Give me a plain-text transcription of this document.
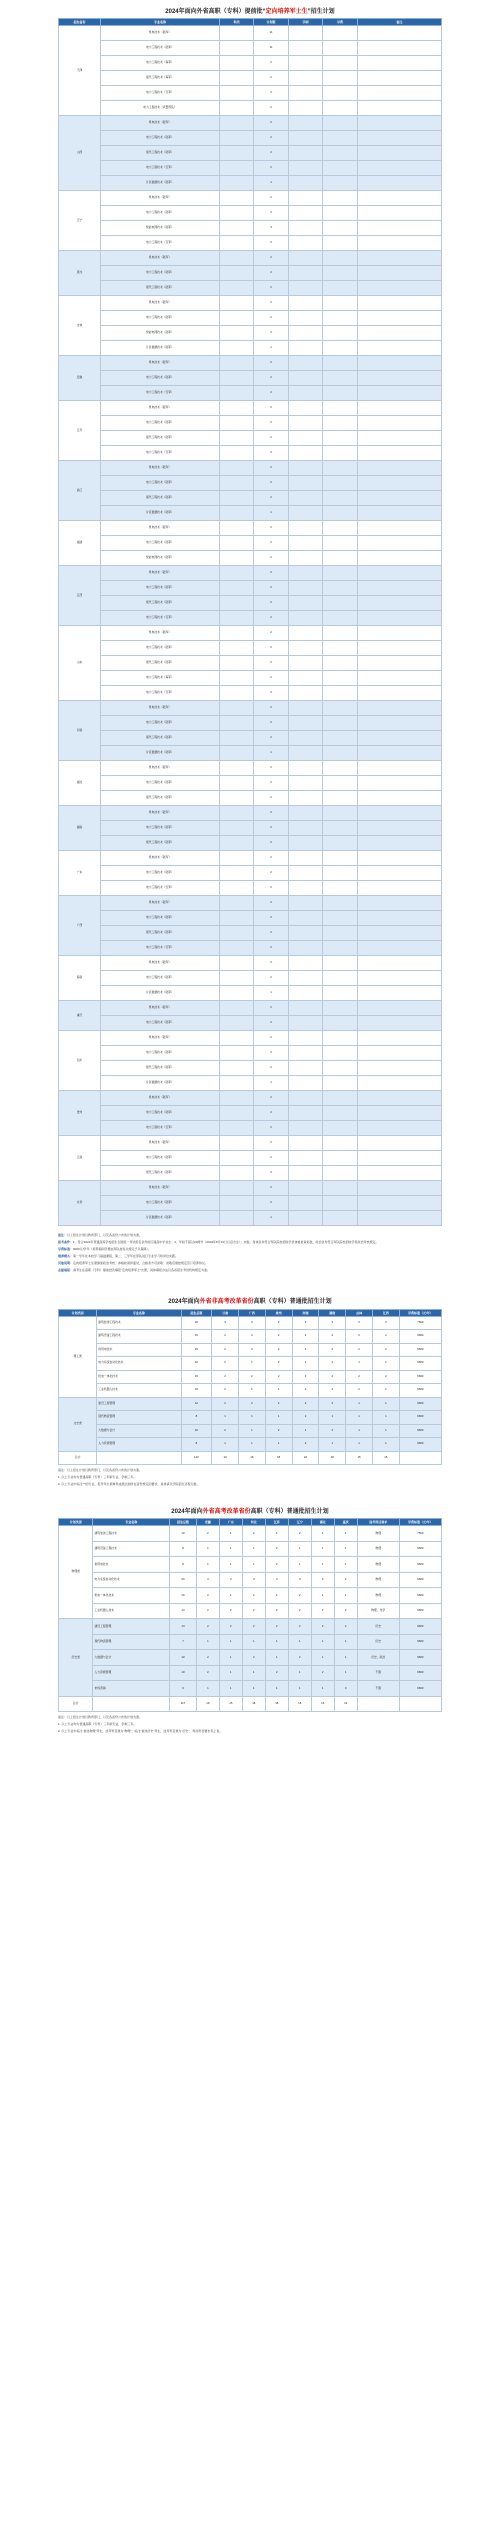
2024年面向外省高职（专科）提前批“定向培养军士生”招生计划
招生省份	专业名称	科类	计划数	学制	学费	备注	
天津	机电技术（陆军）		11				
	电力工程技术（陆军）		11				
	电力工程技术（海军）		2				
	现代工程技术（海军）		2				
	电力工程技术（空军）		2				
	电力工程技术（武警部队）		2				
山西	机电技术（陆军）		2				
	电力工程技术（陆军）		2				
	现代工程技术（陆军）		2				
	电力工程技术（空军）		2				
	片区数据技术（陆军）		1				
辽宁	机电技术（陆军）		2				
	电力工程技术（陆军）		2				
	智能电网技术（陆军）		3				
	电力工程技术（空军）		2				
黑龙	机电技术（陆军）		2				
	电力工程技术（陆军）		2				
	现代工程技术（陆军）		2				
吉林	机电技术（陆军）		2				
	电力工程技术（陆军）		2				
	智能电网技术（陆军）		2				
	片区数据技术（陆军）		1				
安徽	机电技术（陆军）		2				
	电力工程技术（陆军）		2				
	电力工程技术（空军）		2				
江苏	机电技术（陆军）		2				
	电力工程技术（陆军）		2				
	现代工程技术（陆军）		2				
	电力工程技术（空军）		2				
浙江	机电技术（陆军）		2				
	电力工程技术（陆军）		2				
	现代工程技术（陆军）		2				
	片区数据技术（陆军）		1				
福建	机电技术（陆军）		2				
	电力工程技术（陆军）		2				
	智能电网技术（陆军）		2				
江西	机电技术（陆军）		2				
	电力工程技术（陆军）		2				
	现代工程技术（陆军）		2				
	电力工程技术（空军）		2				
山东	机电技术（陆军）		2				
	电力工程技术（陆军）		2				
	现代工程技术（陆军）		2				
	电力工程技术（海军）		2				
	电力工程技术（空军）		2				
河南	机电技术（陆军）		2				
	电力工程技术（陆军）		2				
	现代工程技术（陆军）		2				
	片区数据技术（陆军）		1				
湖北	机电技术（陆军）		2				
	电力工程技术（陆军）		2				
	现代工程技术（陆军）		2				
湖南	机电技术（陆军）		2				
	电力工程技术（陆军）		2				
	现代工程技术（陆军）		2				
广东	机电技术（陆军）		2				
	电力工程技术（陆军）		2				
	电力工程技术（空军）		2				
广西	机电技术（陆军）		2				
	电力工程技术（陆军）		2				
	现代工程技术（陆军）		2				
	电力工程技术（空军）		2				
海南	机电技术（陆军）		2				
	电力工程技术（陆军）		2				
	片区数据技术（陆军）		1				
重庆	机电技术（陆军）		2				
	电力工程技术（陆军）		2				
四川	机电技术（陆军）		2				
	电力工程技术（陆军）		2				
	现代工程技术（陆军）		2				
	片区数据技术（陆军）		1				
贵州	机电技术（陆军）		2				
	电力工程技术（陆军）		2				
	电力工程技术（空军）		2				
云南	机电技术（陆军）		2				
	电力工程技术（陆军）		2				
	现代工程技术（陆军）		2				
甘肃	机电技术（陆军）		2				
	电力工程技术（陆军）		2				
	片区数据技术（陆军）		1				

备注：以上招生计划以教育部门、以及各省份公布的计划为准。

报考条件：1、符合2024年普通高等学校招生全国统一考试报名条件的应届高中毕业生；2、年龄不超过20周岁（2004年8月31日以后出生）；未婚；身体条件符合军队院校招收学员体格检查标准，政治条件符合军队院校招收学员政治考核规定。

学费标准：6000元/学年（培养期间学费由军队按有关规定予以保障）。

培养模式：第一学年在本校学习基础课程，第二、三学年在部队进行专业学习和岗位实践。

其他说明：定向培养军士生须参加政治考核、体格检查和面试，合格者方可录取；录取后须按规定签订培养协议。

志愿填报：请考生在高职（专科）提前批次填报“定向培养军士”志愿，具体填报办法以各省招生考试机构规定为准。

2024年面向外省非高考改革省份高职（专科）普通批招生计划
计划类别	专业名称	招生总数	甘肃	广西	贵州	河南	湖南	吉林	江西	学费标准（元/年）
理工类	建筑装饰工程技术	20	3	3	3	3	3	2	3	7500
	建筑设备工程技术	15	2	2	2	3	2	2	2	6600
	供用电技术	15	2	2	2	3	2	2	2	6600
	电力系统自动化技术	10	2	1	2	1	2	1	1	6600
	机电一体化技术	15	2	2	2	3	2	2	2	6600
	工业机器人技术	10	2	1	1	2	1	2	1	6600
文史类	建设工程管理	12	2	2	2	2	2	1	1	6600
	现代物流管理	8	1	1	1	2	1	1	1	6600
	大数据与会计	10	2	1	2	1	2	1	1	6600
	人力资源管理	8	1	1	1	2	1	1	1	6600
总计		123	19	16	18	22	18	15	15	

备注：以上招生计划以教育部门、以及各省份公布的计划为准。

1. 以上专业均为普通高职（专科）三年制专业，学制三年。

2. 以上专业中标注“*”的专业，报考考生须单科成绩达到所在省份规定的要求，具体请以学院招生章程为准。

2024年面向外省高考改革省份高职（专科）普通批招生计划
计划类别	专业名称	招生总数	安徽	广东	河北	江苏	辽宁	湖北	重庆	选考科目要求	学费标准（元/年）
物理类	建筑装饰工程技术	10	2	1	2	1	2	1	1	物理	7500
	建筑设备工程技术	8	1	1	1	2	1	1	1	物理	6600
	供用电技术	8	1	1	1	2	1	1	1	物理	6600
	电力系统自动化技术	20	3	3	3	3	3	3	2	物理	6600
	机电一体化技术	10	2	1	2	1	2	1	1	物理	6600
	工业机器人技术	14	2	2	2	2	2	2	2	物理、化学	6600
历史类	建设工程管理	14	2	2	2	2	2	2	2	历史	6600
	现代物流管理	7	1	1	1	1	1	1	1	历史	6600
	大数据与会计	10	2	1	2	1	2	1	1	历史、政治	6600
	人力资源管理	10	2	1	1	2	1	2	1	不限	6600
	市场营销	6	1	1	1	1	1	1	0	不限	6600
总计		117	19	15	18	18	18	16	13		

备注：以上招生计划以教育部门、以及各省份公布的计划为准。

1. 以上专业均为普通高职（专科）三年制专业，学制三年。

2. 以上专业中标注“首选物理”考生，选考科目须为“物理”；标注“首选历史”考生，选考科目须为“历史”，再选科目要求见上表。
